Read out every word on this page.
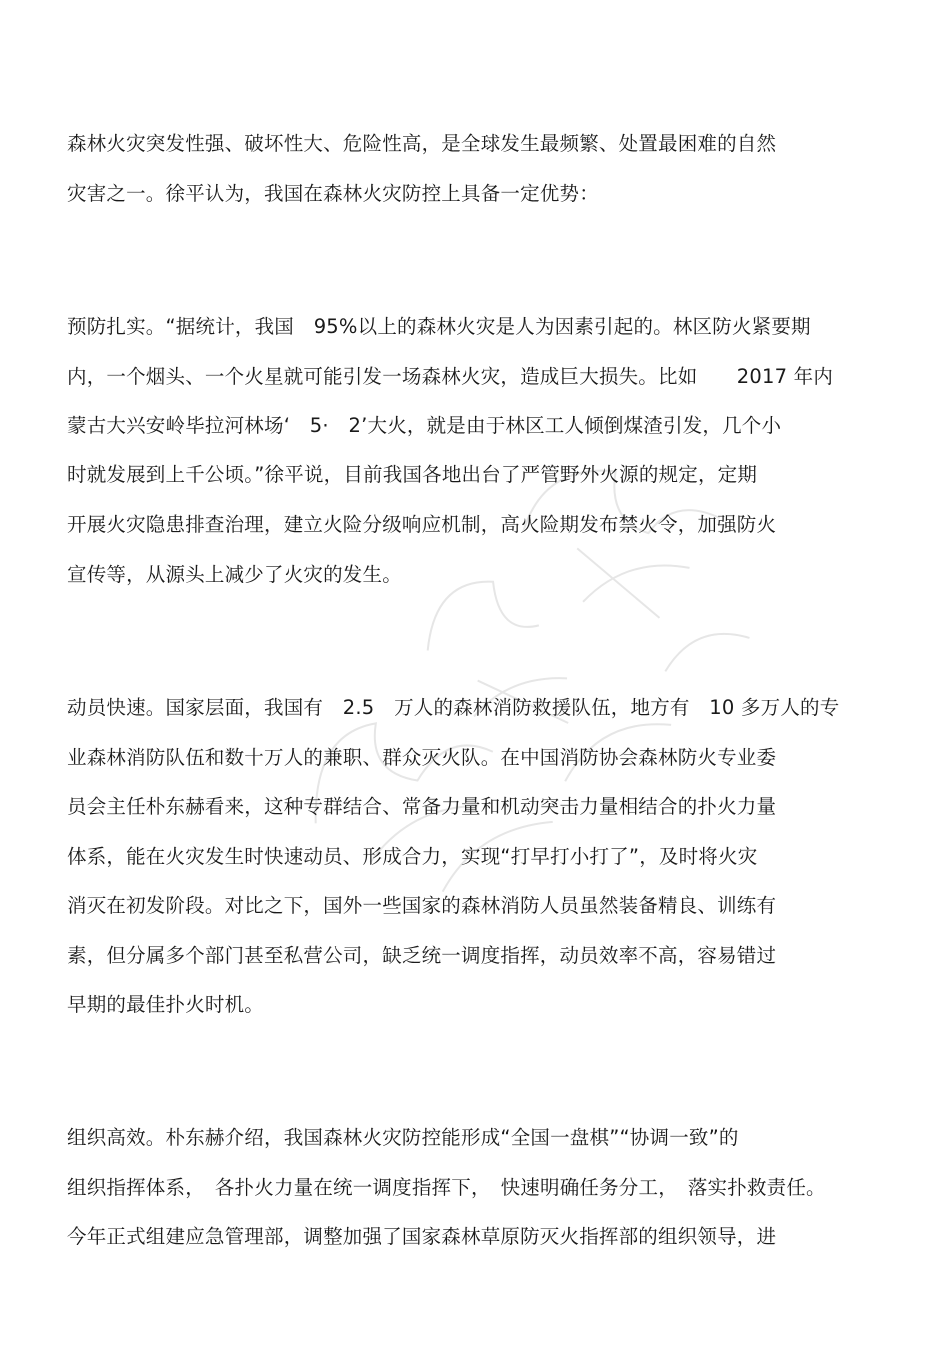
森林火灾突发性强、破坏性大、危险性高，是全球发生最频繁、处置最困难的自然
灾害之一。徐平认为，我国在森林火灾防控上具备一定优势：
预防扎实。“据统计，我国　95%以上的森林火灾是人为因素引起的。林区防火紧要期
内，一个烟头、一个火星就可能引发一场森林火灾，造成巨大损失。比如　　2017 年内
蒙古大兴安岭毕拉河林场‘　5·　2’大火，就是由于林区工人倾倒煤渣引发，几个小
时就发展到上千公顷。”徐平说，目前我国各地出台了严管野外火源的规定，定期
开展火灾隐患排查治理，建立火险分级响应机制，高火险期发布禁火令，加强防火
宣传等，从源头上减少了火灾的发生。
动员快速。国家层面，我国有　2.5　万人的森林消防救援队伍，地方有　10 多万人的专
业森林消防队伍和数十万人的兼职、群众灭火队。在中国消防协会森林防火专业委
员会主任朴东赫看来，这种专群结合、常备力量和机动突击力量相结合的扑火力量
体系，能在火灾发生时快速动员、形成合力，实现“打早打小打了”，及时将火灾
消灭在初发阶段。对比之下，国外一些国家的森林消防人员虽然装备精良、训练有
素，但分属多个部门甚至私营公司，缺乏统一调度指挥，动员效率不高，容易错过
早期的最佳扑火时机。
组织高效。朴东赫介绍，我国森林火灾防控能形成“全国一盘棋”“协调一致”的
组织指挥体系，　各扑火力量在统一调度指挥下，　快速明确任务分工，　落实扑救责任。
今年正式组建应急管理部，调整加强了国家森林草原防灭火指挥部的组织领导，进
